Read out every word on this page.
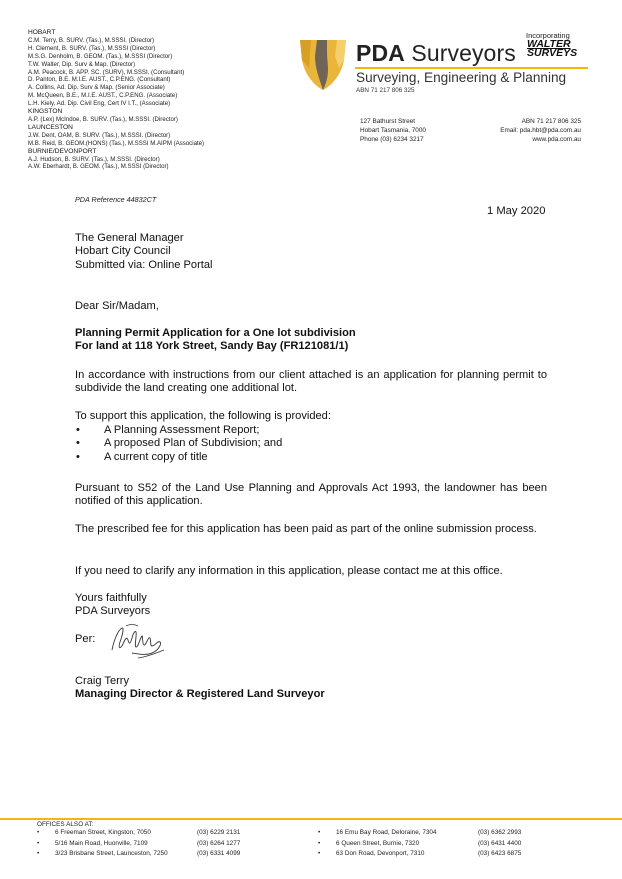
HOBART
C.M. Terry, B. SURV. (Tas.), M.SSSI. (Director)
H. Clement, B. SURV. (Tas.), M.SSSI (Director)
M.S.G. Denholm, B. GEOM. (Tas.), M.SSSI (Director)
T.W. Walter, Dip. Surv & Map. (Director)
A.M. Peacock, B. APP. SC. (SURV), M.SSSI. (Consultant)
D. Panton, B.E. M.I.E. AUST., C.P.ENG. (Consultant)
A. Collins, Ad. Dip. Surv & Map. (Senior Associate)
M. McQueen, B.E., M.I.E. AUST., C.P.ENG. (Associate)
L.H. Kiely, Ad. Dip. Civil Eng, Cert IV I.T., (Associate)
KINGSTON
A.P. (Lex) McIndoe, B. SURV. (Tas.), M.SSSI. (Director)
LAUNCESTON
J.W. Dent, OAM, B. SURV. (Tas.), M.SSSI. (Director)
M.B. Reid, B. GEOM.(HONS) (Tas.), M.SSSI M.AIPM (Associate)
BURNIE/DEVONPORT
A.J. Hudson, B. SURV. (Tas.), M.SSSI. (Director)
A.W. Eberhardt, B. GEOM. (Tas.), M.SSSI (Director)
PDA Surveyors
Incorporating
WALTER
SURVEYS
Surveying, Engineering & Planning
ABN 71 217 806 325
127 Bathurst Street
Hobart Tasmania, 7000
Phone (03) 6234 3217
ABN 71 217 806 325
Email: pda.hbt@pda.com.au
www.pda.com.au
PDA Reference 44832CT
1 May 2020
The General Manager
Hobart City Council
Submitted via: Online Portal
Dear Sir/Madam,
Planning Permit Application for a One lot subdivision
For land at 118 York Street, Sandy Bay (FR121081/1)
In accordance with instructions from our client attached is an application for planning permit to subdivide the land creating one additional lot.
To support this application, the following is provided:
• A Planning Assessment Report;
• A proposed Plan of Subdivision; and
• A current copy of title
Pursuant to S52 of the Land Use Planning and Approvals Act 1993, the landowner has been notified of this application.
The prescribed fee for this application has been paid as part of the online submission process.
If you need to clarify any information in this application, please contact me at this office.
Yours faithfully
PDA Surveyors
Per:
Craig Terry
Managing Director & Registered Land Surveyor
OFFICES ALSO AT:
• 6 Freeman Street, Kingston, 7050	(03) 6229 2131

• 5/16 Main Road, Huonville, 7109	(03) 6264 1277

• 3/23 Brisbane Street, Launceston, 7250	(03) 6331 4099

• 16 Emu Bay Road, Deloraine, 7304	(03) 6362 2993

• 6 Queen Street, Burnie, 7320	(03) 6431 4400

• 63 Don Road, Devonport, 7310	(03) 6423 6875
